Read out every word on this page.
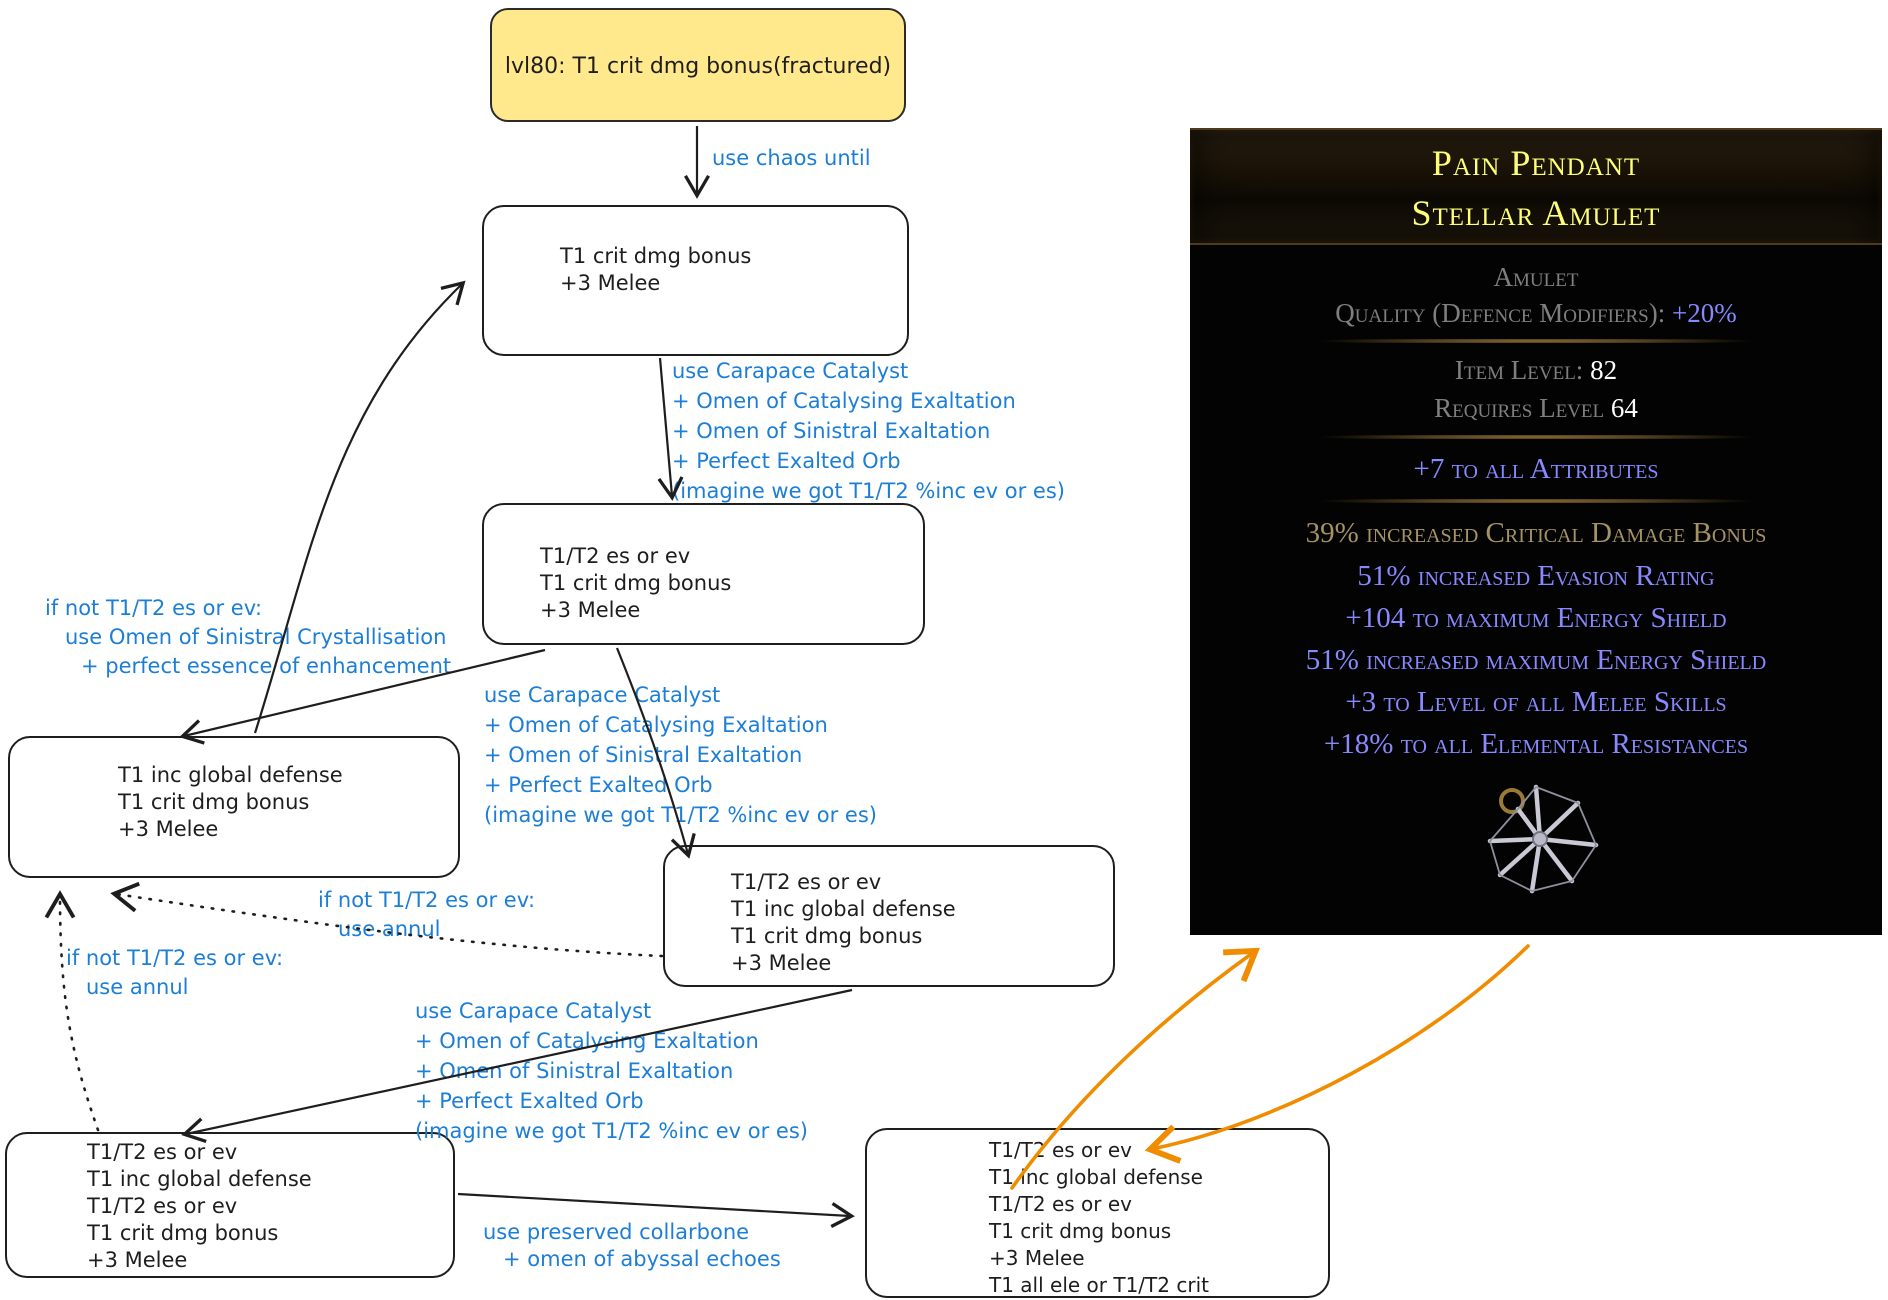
lvl80: T1 crit dmg bonus(fractured)
T1 crit dmg bonus
+3 Melee
T1/T2 es or ev
T1 crit dmg bonus
+3 Melee
T1 inc global defense
T1 crit dmg bonus
+3 Melee
T1/T2 es or ev
T1 inc global defense
T1 crit dmg bonus
+3 Melee
T1/T2 es or ev
T1 inc global defense
T1/T2 es or ev
T1 crit dmg bonus
+3 Melee
T1/T2 es or ev
T1 inc global defense
T1/T2 es or ev
T1 crit dmg bonus
+3 Melee
T1 all ele or T1/T2 crit
use chaos until
use Carapace Catalyst
+ Omen of Catalysing Exaltation
+ Omen of Sinistral Exaltation
+ Perfect Exalted Orb
(imagine we got T1/T2 %inc ev or es)
if not T1/T2 es or ev:
use Omen of Sinistral Crystallisation
+ perfect essence of enhancement
use Carapace Catalyst
+ Omen of Catalysing Exaltation
+ Omen of Sinistral Exaltation
+ Perfect Exalted Orb
(imagine we got T1/T2 %inc ev or es)
if not T1/T2 es or ev:
use annul
if not T1/T2 es or ev:
use annul
use Carapace Catalyst
+ Omen of Catalysing Exaltation
+ Omen of Sinistral Exaltation
+ Perfect Exalted Orb
(imagine we got T1/T2 %inc ev or es)
use preserved collarbone
+ omen of abyssal echoes
Pain Pendant
Stellar Amulet
Amulet
Quality (Defence Modifiers): +20%
Item Level: 82
Requires Level 64
+7 to all Attributes
39% increased Critical Damage Bonus
51% increased Evasion Rating
+104 to maximum Energy Shield
51% increased maximum Energy Shield
+3 to Level of all Melee Skills
+18% to all Elemental Resistances
